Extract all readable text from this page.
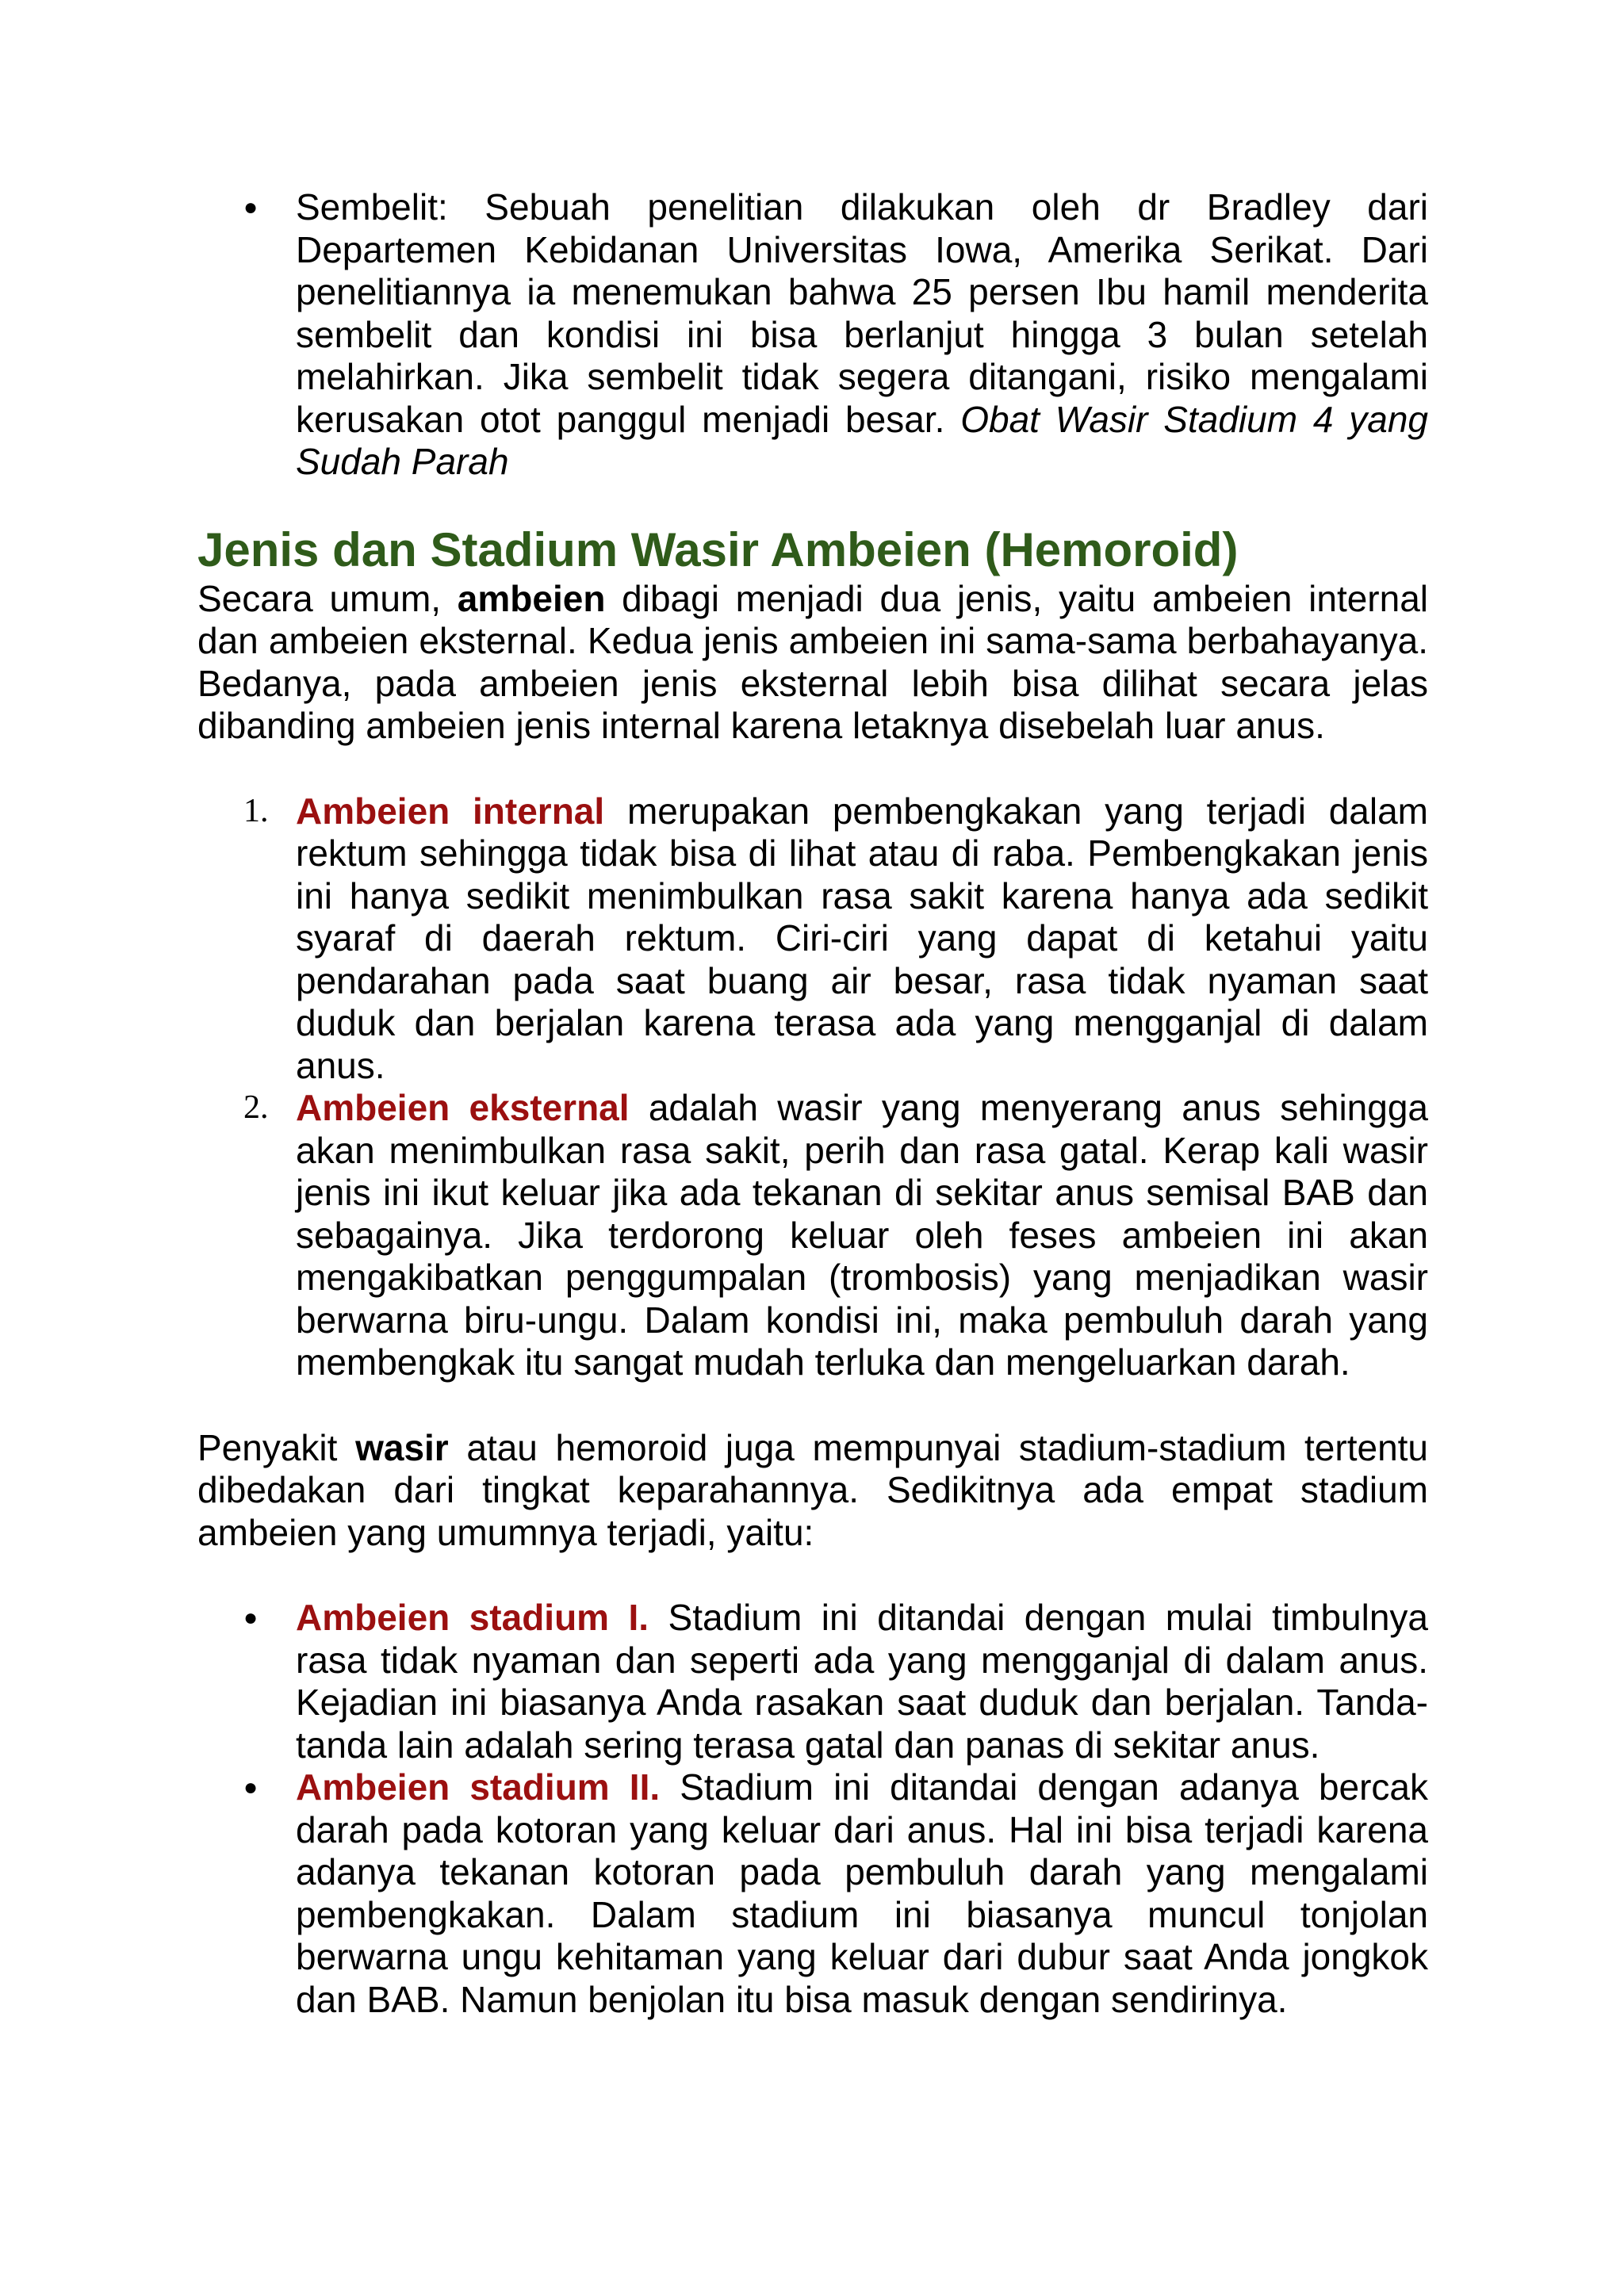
● Sembelit: Sebuah penelitian dilakukan oleh dr Bradley dari Departemen Kebidanan Universitas Iowa, Amerika Serikat. Dari penelitiannya ia menemukan bahwa 25 persen Ibu hamil menderita sembelit dan kondisi ini bisa berlanjut hingga 3 bulan setelah melahirkan. Jika sembelit tidak segera ditangani, risiko mengalami kerusakan otot panggul menjadi besar. Obat Wasir Stadium 4 yang Sudah Parah
Jenis dan Stadium Wasir Ambeien (Hemoroid)

Secara umum, ambeien dibagi menjadi dua jenis, yaitu ambeien internal dan ambeien eksternal. Kedua jenis ambeien ini sama-sama berbahayanya. Bedanya, pada ambeien jenis eksternal lebih bisa dilihat secara jelas dibanding ambeien jenis internal karena letaknya disebelah luar anus.

1. Ambeien internal merupakan pembengkakan yang terjadi dalam rektum sehingga tidak bisa di lihat atau di raba. Pembengkakan jenis ini hanya sedikit menimbulkan rasa sakit karena hanya ada sedikit syaraf di daerah rektum. Ciri-ciri yang dapat di ketahui yaitu pendarahan pada saat buang air besar, rasa tidak nyaman saat duduk dan berjalan karena terasa ada yang mengganjal di dalam anus.
2. Ambeien eksternal adalah wasir yang menyerang anus sehingga akan menimbulkan rasa sakit, perih dan rasa gatal. Kerap kali wasir jenis ini ikut keluar jika ada tekanan di sekitar anus semisal BAB dan sebagainya. Jika terdorong keluar oleh feses ambeien ini akan mengakibatkan penggumpalan (trombosis) yang menjadikan wasir berwarna biru-ungu. Dalam kondisi ini, maka pembuluh darah yang membengkak itu sangat mudah terluka dan mengeluarkan darah.

Penyakit wasir atau hemoroid juga mempunyai stadium-stadium tertentu dibedakan dari tingkat keparahannya. Sedikitnya ada empat stadium ambeien yang umumnya terjadi, yaitu:

● Ambeien stadium I. Stadium ini ditandai dengan mulai timbulnya rasa tidak nyaman dan seperti ada yang mengganjal di dalam anus. Kejadian ini biasanya Anda rasakan saat duduk dan berjalan. Tanda-tanda lain adalah sering terasa gatal dan panas di sekitar anus.
● Ambeien stadium II. Stadium ini ditandai dengan adanya bercak darah pada kotoran yang keluar dari anus. Hal ini bisa terjadi karena adanya tekanan kotoran pada pembuluh darah yang mengalami pembengkakan. Dalam stadium ini biasanya muncul tonjolan berwarna ungu kehitaman yang keluar dari dubur saat Anda jongkok dan BAB. Namun benjolan itu bisa masuk dengan sendirinya.
